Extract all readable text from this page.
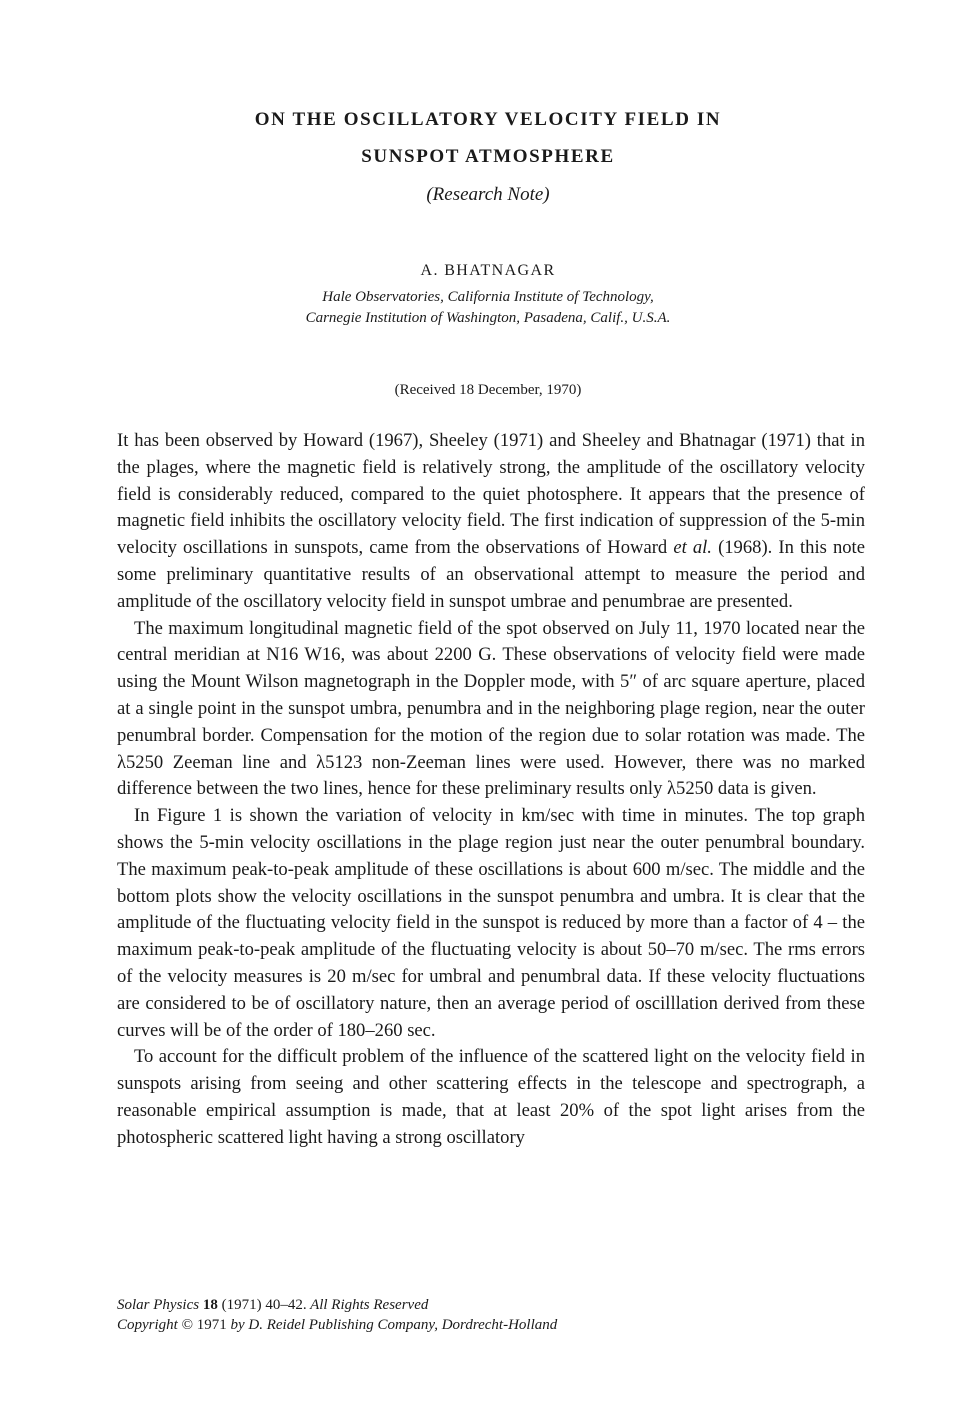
ON THE OSCILLATORY VELOCITY FIELD IN
SUNSPOT ATMOSPHERE
(Research Note)
A. BHATNAGAR
Hale Observatories, California Institute of Technology,
Carnegie Institution of Washington, Pasadena, Calif., U.S.A.
(Received 18 December, 1970)

It has been observed by Howard (1967), Sheeley (1971) and Sheeley and Bhatnagar (1971) that in the plages, where the magnetic field is relatively strong, the amplitude of the oscillatory velocity field is considerably reduced, compared to the quiet photosphere. It appears that the presence of magnetic field inhibits the oscillatory velocity field. The first indication of suppression of the 5-min velocity oscillations in sunspots, came from the observations of Howard et al. (1968). In this note some preliminary quantitative results of an observational attempt to measure the period and amplitude of the oscillatory velocity field in sunspot umbrae and penumbrae are presented.

The maximum longitudinal magnetic field of the spot observed on July 11, 1970 located near the central meridian at N16 W16, was about 2200 G. These observations of velocity field were made using the Mount Wilson magnetograph in the Doppler mode, with 5″ of arc square aperture, placed at a single point in the sunspot umbra, penumbra and in the neighboring plage region, near the outer penumbral border. Compensation for the motion of the region due to solar rotation was made. The λ5250 Zeeman line and λ5123 non-Zeeman lines were used. However, there was no marked difference between the two lines, hence for these preliminary results only λ5250 data is given.

In Figure 1 is shown the variation of velocity in km/sec with time in minutes. The top graph shows the 5-min velocity oscillations in the plage region just near the outer penumbral boundary. The maximum peak-to-peak amplitude of these oscillations is about 600 m/sec. The middle and the bottom plots show the velocity oscillations in the sunspot penumbra and umbra. It is clear that the amplitude of the fluctuating velocity field in the sunspot is reduced by more than a factor of 4 – the maximum peak-to-peak amplitude of the fluctuating velocity is about 50–70 m/sec. The rms errors of the velocity measures is 20 m/sec for umbral and penumbral data. If these velocity fluctuations are considered to be of oscillatory nature, then an average period of oscilllation derived from these curves will be of the order of 180–260 sec.

To account for the difficult problem of the influence of the scattered light on the velocity field in sunspots arising from seeing and other scattering effects in the telescope and spectrograph, a reasonable empirical assumption is made, that at least 20% of the spot light arises from the photospheric scattered light having a strong oscillatory

Solar Physics 18 (1971) 40–42. All Rights Reserved
Copyright © 1971 by D. Reidel Publishing Company, Dordrecht-Holland
